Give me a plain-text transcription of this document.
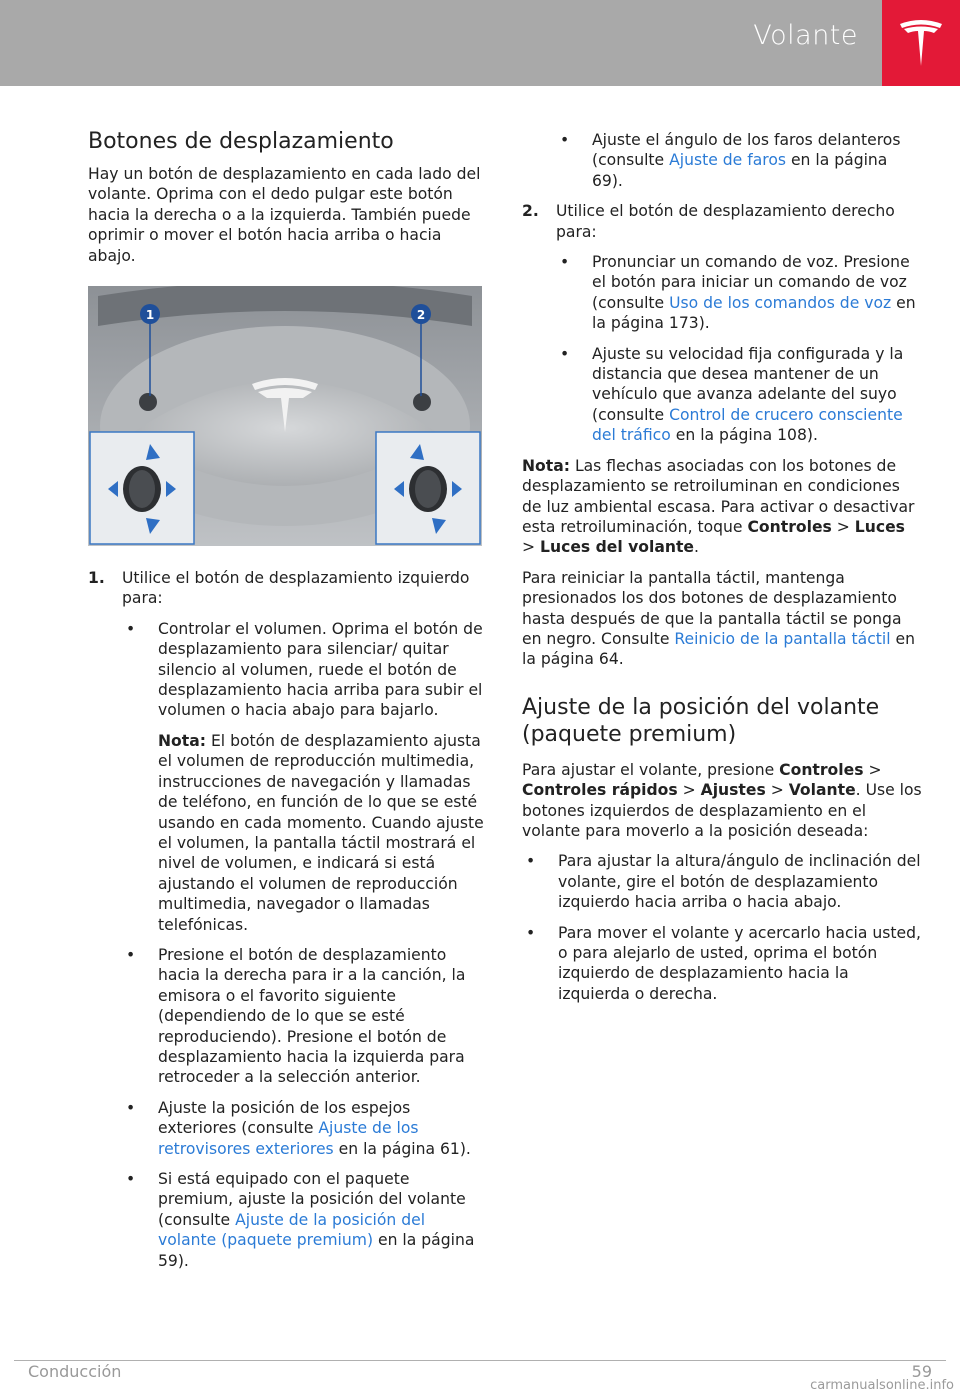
Volante
Botones de desplazamiento

Hay un botón de desplazamiento en cada lado del volante. Oprima con el dedo pulgar este botón hacia la derecha o a la izquierda. También puede oprimir o mover el botón hacia arriba o hacia abajo.

1	2
1. Utilice el botón de desplazamiento izquierdo para:
• Controlar el volumen. Oprima el botón de desplazamiento para silenciar/ quitar silencio al volumen, ruede el botón de desplazamiento hacia arriba para subir el volumen o hacia abajo para bajarlo.
Nota: El botón de desplazamiento ajusta el volumen de reproducción multimedia, instrucciones de navegación y llamadas de teléfono, en función de lo que se esté usando en cada momento. Cuando ajuste el volumen, la pantalla táctil mostrará el nivel de volumen, e indicará si está ajustando el volumen de reproducción multimedia, navegador o llamadas telefónicas.
• Presione el botón de desplazamiento hacia la derecha para ir a la canción, la emisora o el favorito siguiente (dependiendo de lo que se esté reproduciendo). Presione el botón de desplazamiento hacia la izquierda para retroceder a la selección anterior.
• Ajuste la posición de los espejos exteriores (consulte Ajuste de los retrovisores exteriores en la página 61).
• Si está equipado con el paquete premium, ajuste la posición del volante (consulte Ajuste de la posición del volante (paquete premium) en la página 59).
• Ajuste el ángulo de los faros delanteros (consulte Ajuste de faros en la página 69).
2. Utilice el botón de desplazamiento derecho para:
• Pronunciar un comando de voz. Presione el botón para iniciar un comando de voz (consulte Uso de los comandos de voz en la página 173).
• Ajuste su velocidad fija configurada y la distancia que desea mantener de un vehículo que avanza adelante del suyo (consulte Control de crucero consciente del tráfico en la página 108).

Nota: Las flechas asociadas con los botones de desplazamiento se retroiluminan en condiciones de luz ambiental escasa. Para activar o desactivar esta retroiluminación, toque Controles > Luces > Luces del volante.

Para reiniciar la pantalla táctil, mantenga presionados los dos botones de desplazamiento hasta después de que la pantalla táctil se ponga en negro. Consulte Reinicio de la pantalla táctil en la página 64.

Ajuste de la posición del volante (paquete premium)

Para ajustar el volante, presione Controles > Controles rápidos > Ajustes > Volante. Use los botones izquierdos de desplazamiento en el volante para moverlo a la posición deseada:

• Para ajustar la altura/ángulo de inclinación del volante, gire el botón de desplazamiento izquierdo hacia arriba o hacia abajo.
• Para mover el volante y acercarlo hacia usted, o para alejarlo de usted, oprima el botón izquierdo de desplazamiento hacia la izquierda o derecha.
Conducción	59
carmanualsonline.info
